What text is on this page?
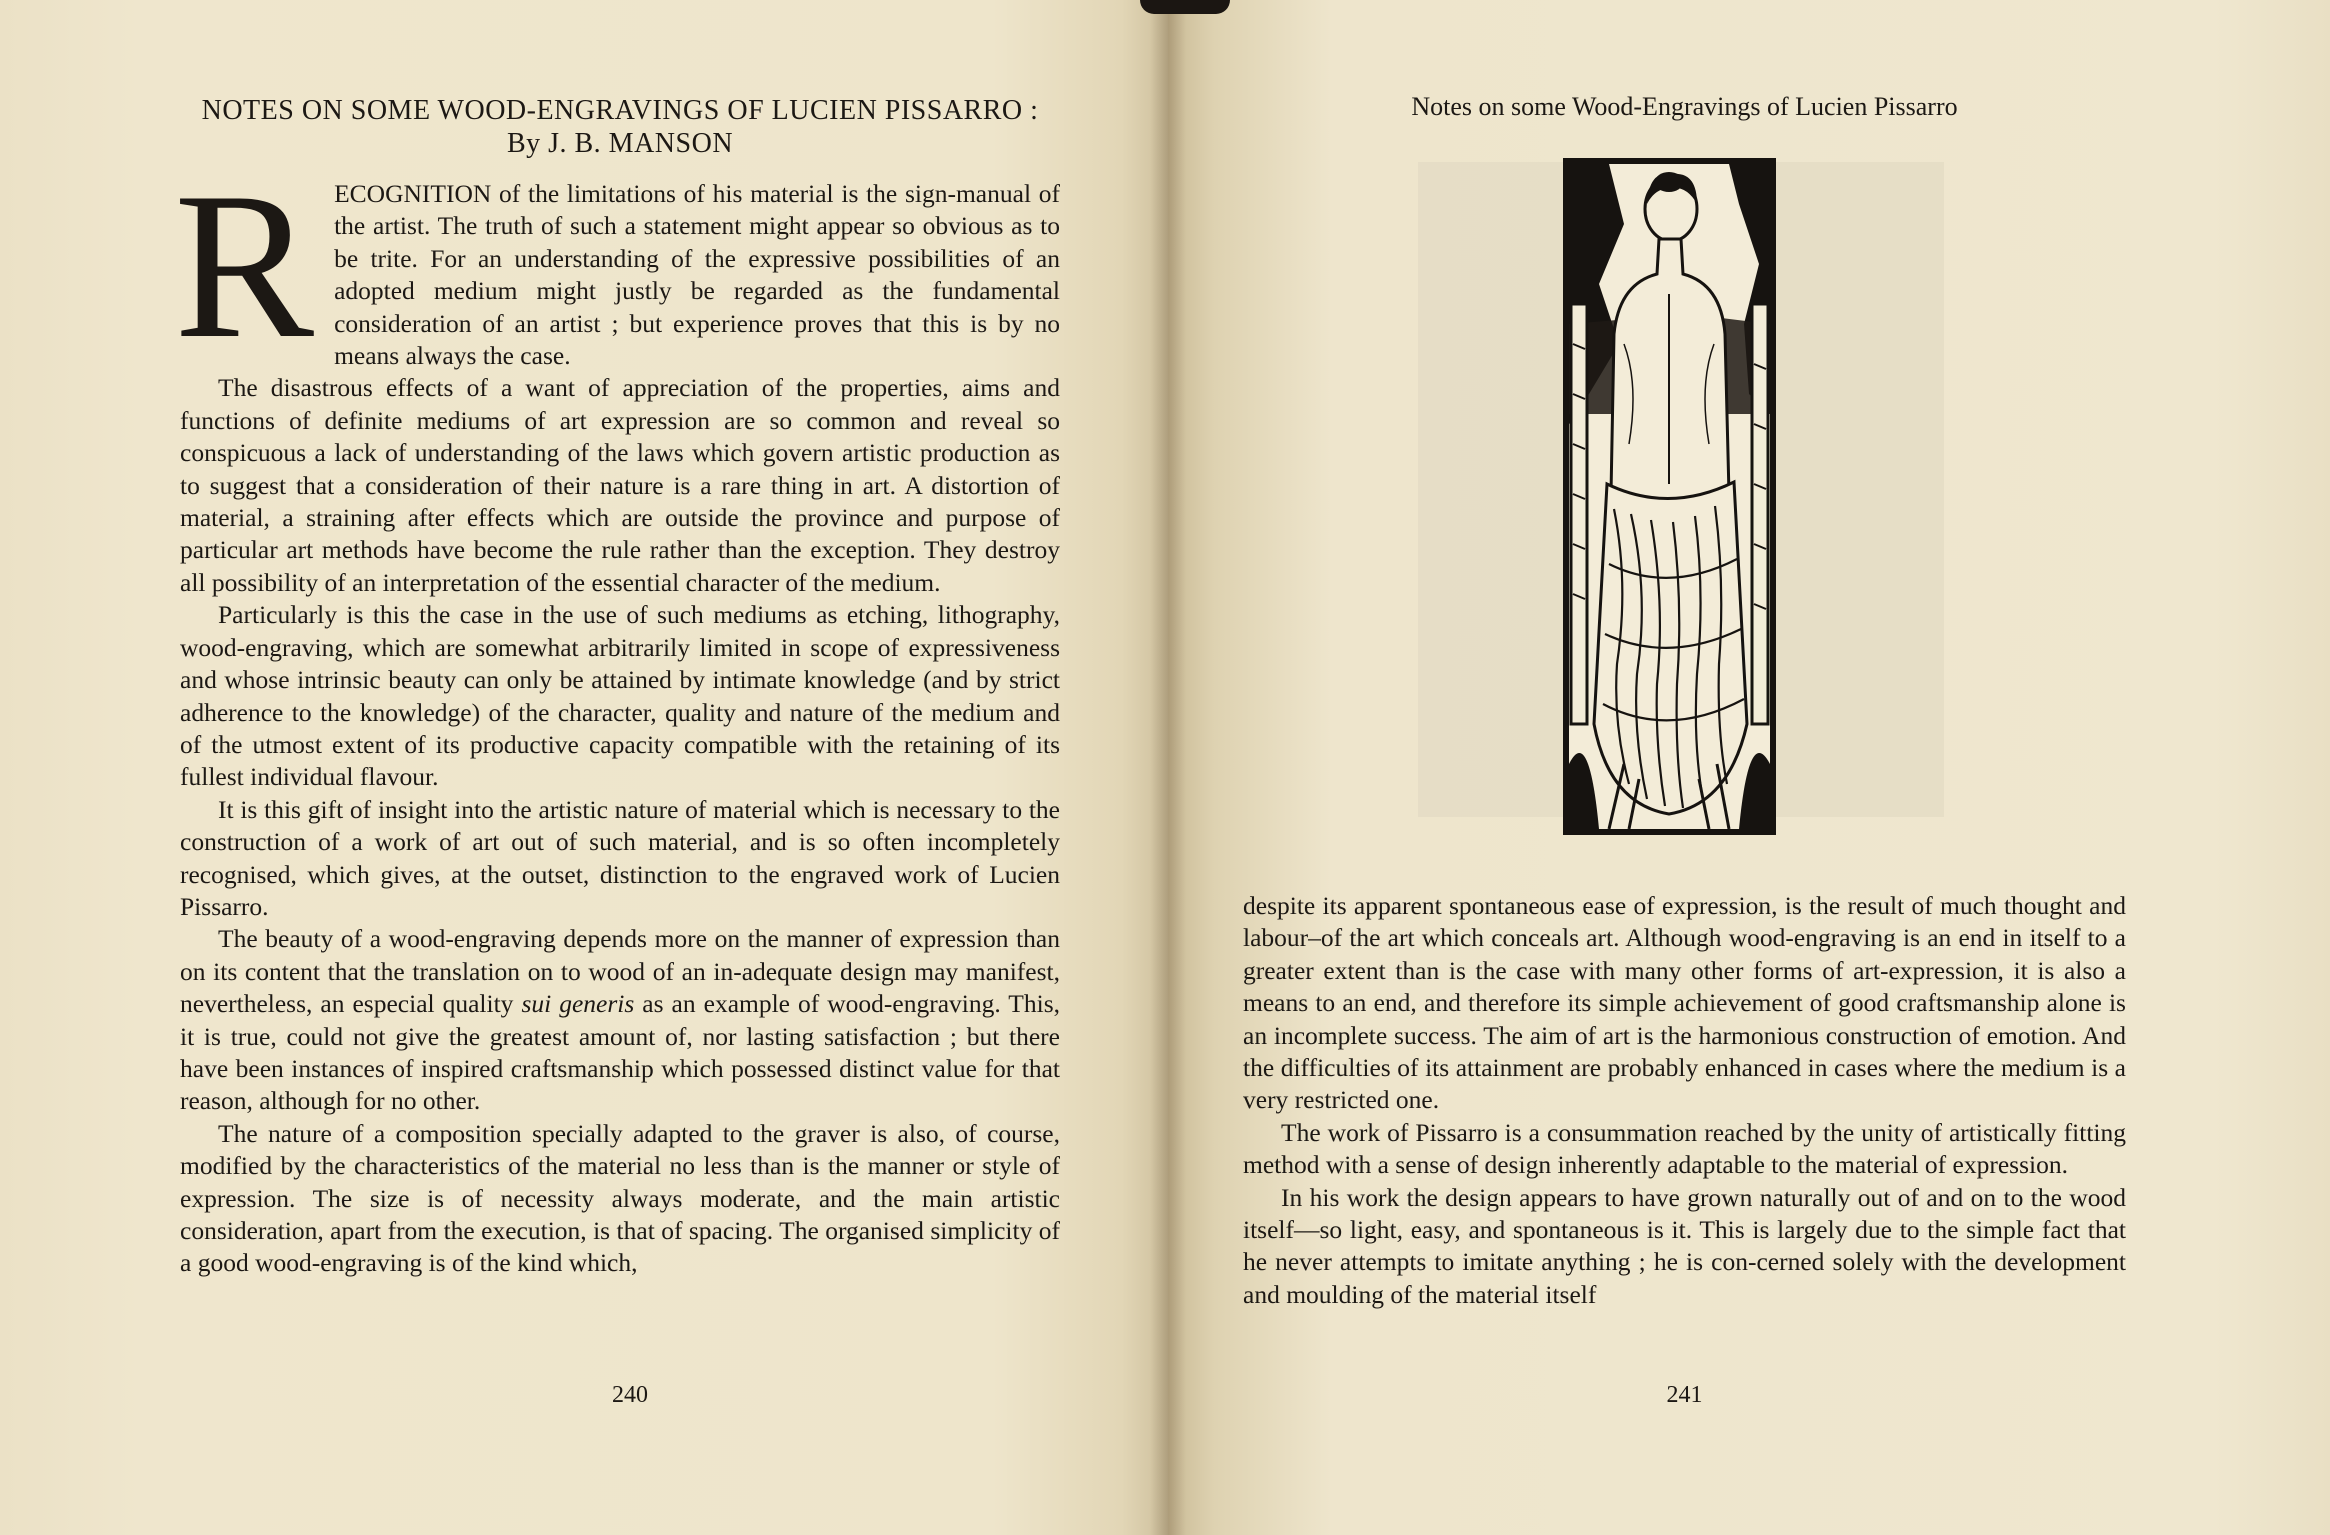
NOTES ON SOME WOOD-ENGRAVINGS OF LUCIEN PISSARRO :
By J. B. MANSON
R ECOGNITION of the limitations of his material is the sign-manual of the artist. The truth of such a statement might appear so obvious as to be trite. For an understanding of the expressive possibilities of an adopted medium might justly be regarded as the fundamental consideration of an artist ; but experience proves that this is by no means always the case.

The disastrous effects of a want of appreciation of the properties, aims and functions of definite mediums of art expression are so common and reveal so conspicuous a lack of understanding of the laws which govern artistic production as to suggest that a consideration of their nature is a rare thing in art. A distortion of material, a straining after effects which are outside the province and purpose of particular art methods have become the rule rather than the exception. They destroy all possibility of an interpretation of the essential character of the medium.

Particularly is this the case in the use of such mediums as etching, lithography, wood-engraving, which are somewhat arbitrarily limited in scope of expressiveness and whose intrinsic beauty can only be attained by intimate knowledge (and by strict adherence to the knowledge) of the character, quality and nature of the medium and of the utmost extent of its productive capacity compatible with the retaining of its fullest individual flavour.

It is this gift of insight into the artistic nature of material which is necessary to the construction of a work of art out of such material, and is so often incompletely recognised, which gives, at the outset, distinction to the engraved work of Lucien Pissarro.

The beauty of a wood-engraving depends more on the manner of expression than on its content that the translation on to wood of an in-adequate design may manifest, nevertheless, an especial quality sui generis as an example of wood-engraving. This, it is true, could not give the greatest amount of, nor lasting satisfaction ; but there have been instances of inspired craftsmanship which possessed distinct value for that reason, although for no other.

The nature of a composition specially adapted to the graver is also, of course, modified by the characteristics of the material no less than is the manner or style of expression. The size is of necessity always moderate, and the main artistic consideration, apart from the execution, is that of spacing. The organised simplicity of a good wood-engraving is of the kind which,

240
Notes on some Wood-Engravings of Lucien Pissarro

despite its apparent spontaneous ease of expression, is the result of much thought and labour–of the art which conceals art. Although wood-engraving is an end in itself to a greater extent than is the case with many other forms of art-expression, it is also a means to an end, and therefore its simple achievement of good craftsmanship alone is an incomplete success. The aim of art is the harmonious construction of emotion. And the difficulties of its attainment are probably enhanced in cases where the medium is a very restricted one.

The work of Pissarro is a consummation reached by the unity of artistically fitting method with a sense of design inherently adaptable to the material of expression.

In his work the design appears to have grown naturally out of and on to the wood itself—so light, easy, and spontaneous is it. This is largely due to the simple fact that he never attempts to imitate anything ; he is con-cerned solely with the development and moulding of the material itself

241
